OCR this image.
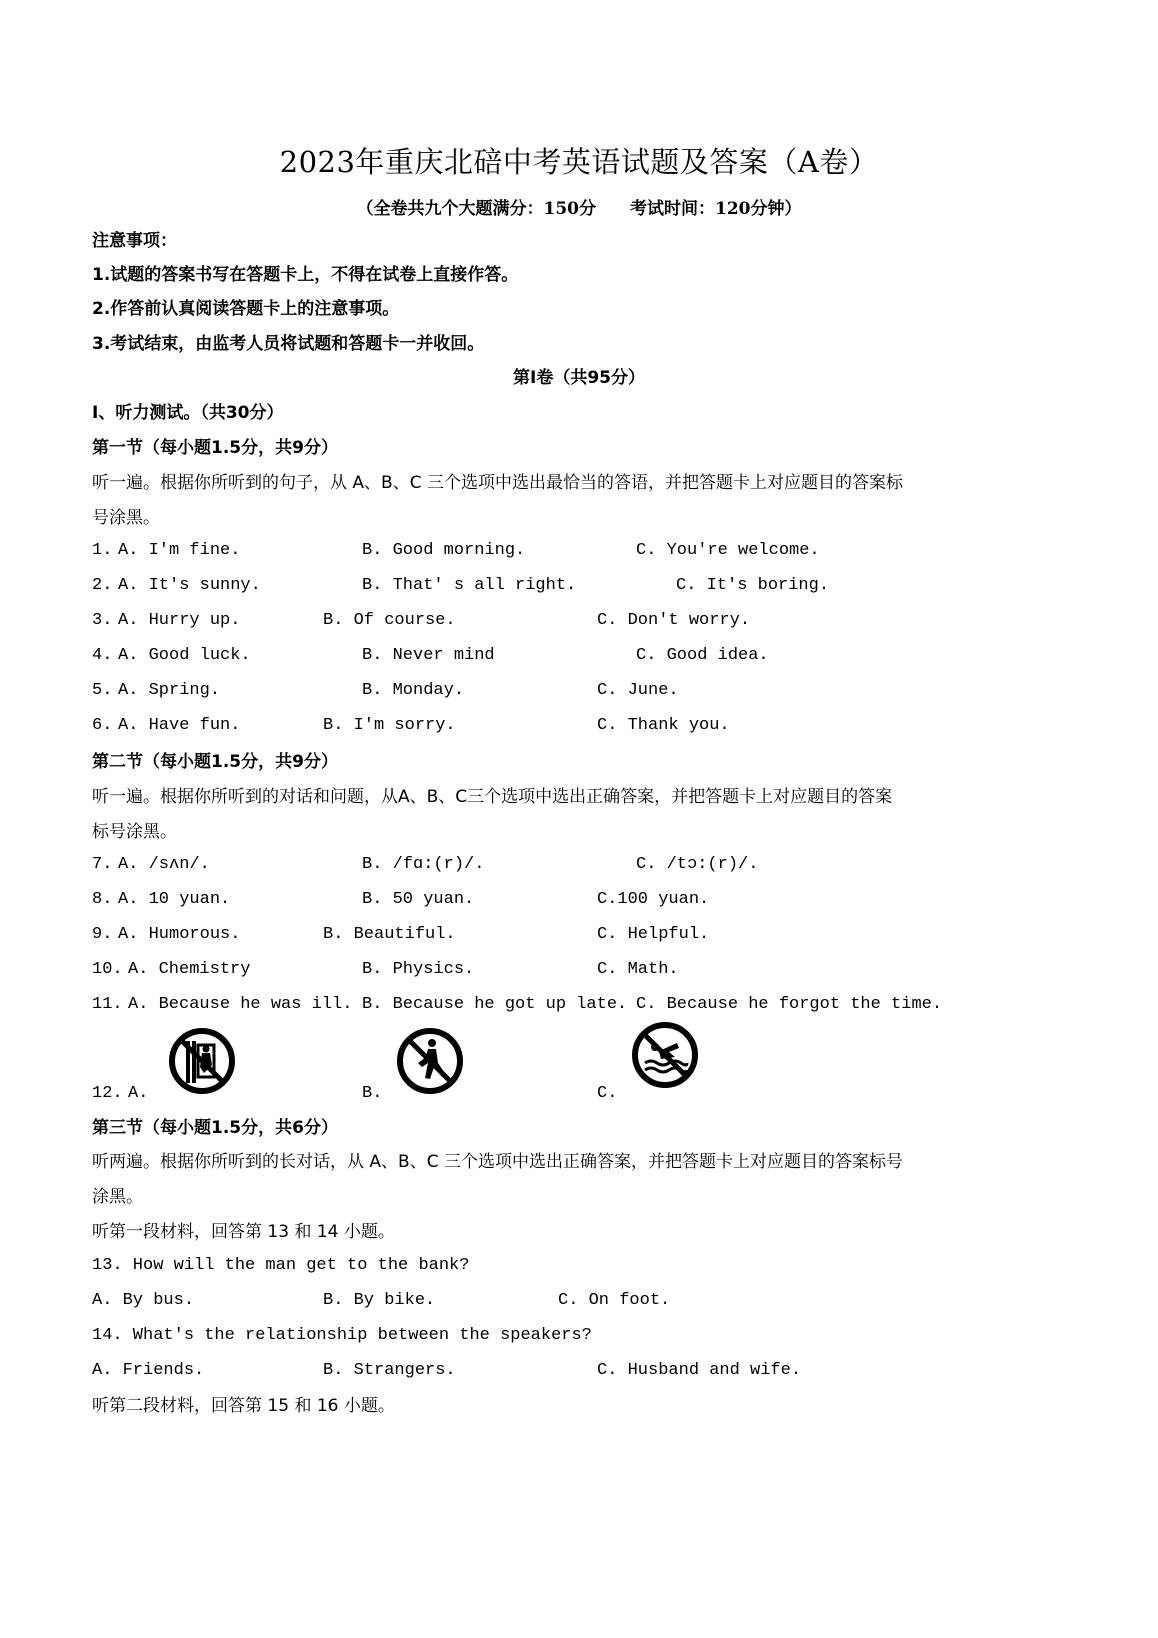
2023年重庆北碚中考英语试题及答案（A卷）
（全卷共九个大题满分：150分　　考试时间：120分钟）
注意事项：
1.试题的答案书写在答题卡上，不得在试卷上直接作答。
2.作答前认真阅读答题卡上的注意事项。
3.考试结束，由监考人员将试题和答题卡一并收回。
第Ⅰ卷（共95分）
Ⅰ、听力测试。（共30分）
第一节（每小题1.5分，共9分）
听一遍。根据你所听到的句子，从 A、B、C 三个选项中选出最恰当的答语，并把答题卡上对应题目的答案标
号涂黑。
1. A. I'm fine.	B. Good morning.	C. You're welcome.
2. A. It's sunny.	B. That' s all right.	C. It's boring.
3. A. Hurry up.	B. Of course.	C. Don't worry.
4. A. Good luck.	B. Never mind	C. Good idea.
5. A. Spring.	B. Monday.	C. June.
6. A. Have fun.	B. I'm sorry.	C. Thank you.
第二节（每小题1.5分，共9分）
听一遍。根据你所听到的对话和问题，从A、B、C三个选项中选出正确答案，并把答题卡上对应题目的答案
标号涂黑。
7. A. /sʌn/.	B. /fɑ:(r)/.	C. /tɔ:(r)/.
8. A. 10 yuan.	B. 50 yuan.	C.100 yuan.
9. A. Humorous.	B. Beautiful.	C. Helpful.
10. A. Chemistry	B. Physics.	C. Math.
11. A. Because he was ill. B. Because he got up late. C. Because he forgot the time.
12. A.	B.	C.
第三节（每小题1.5分，共6分）
听两遍。根据你所听到的长对话，从 A、B、C 三个选项中选出正确答案，并把答题卡上对应题目的答案标号
涂黑。
听第一段材料，回答第 13 和 14 小题。
13. How will the man get to the bank?
A. By bus.	B. By bike.	C. On foot.
14. What's the relationship between the speakers?
A. Friends.	B. Strangers.	C. Husband and wife.
听第二段材料，回答第 15 和 16 小题。
